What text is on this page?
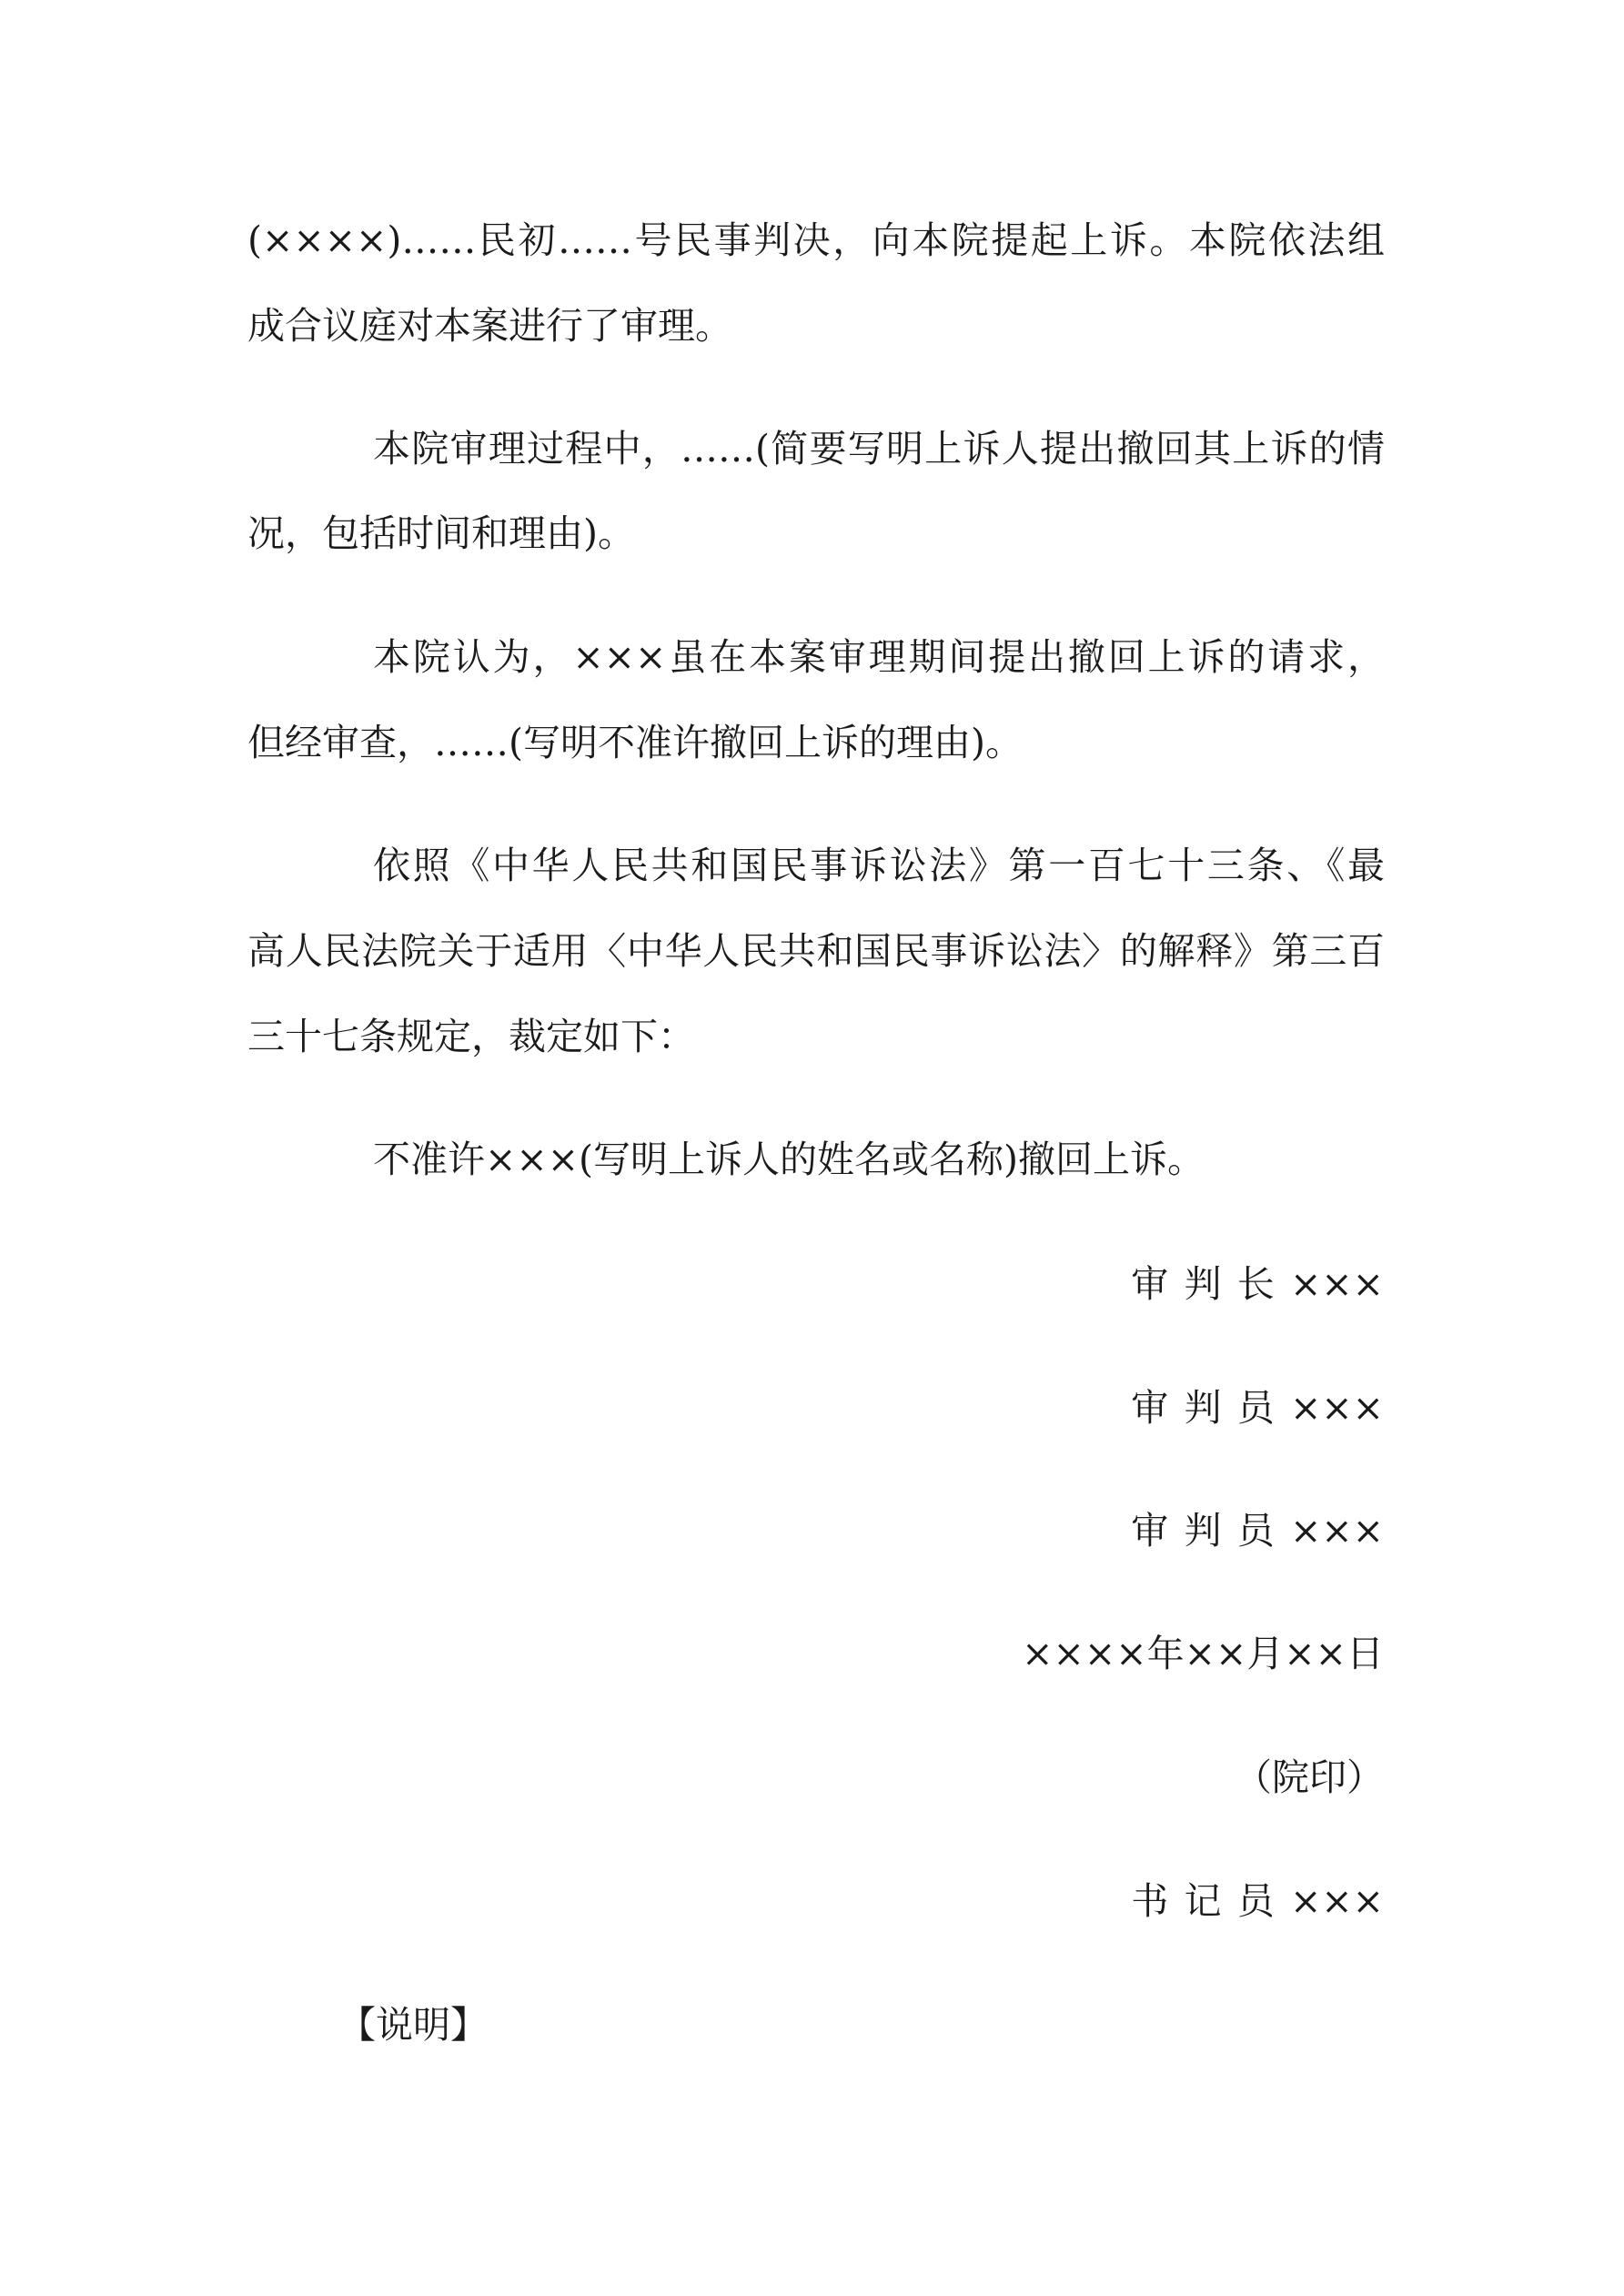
(××××)……民初……号民事判决，向本院提起上诉。本院依法组
成合议庭对本案进行了审理。
本院审理过程中，……(简要写明上诉人提出撤回其上诉的情
况，包括时间和理由)。
本院认为，×××虽在本案审理期间提出撤回上诉的请求，
但经审查，……(写明不准许撤回上诉的理由)。
依照《中华人民共和国民事诉讼法》第一百七十三条、《最
高人民法院关于适用〈中华人民共和国民事诉讼法〉的解释》第三百
三十七条规定，裁定如下：
不准许×××(写明上诉人的姓名或名称)撤回上诉。
审判长×××
审判员×××
审判员×××
××××年××月××日
（院印）
书记员×××
【说明】
